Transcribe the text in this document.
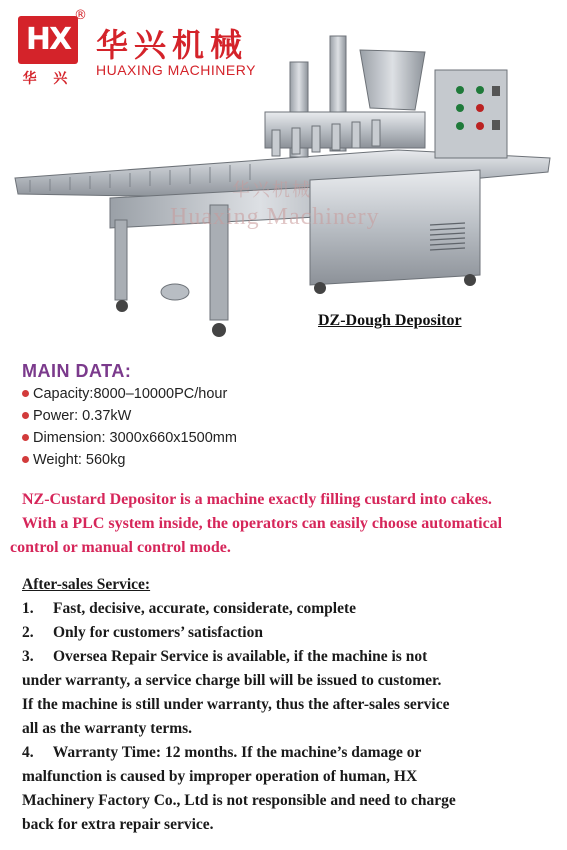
HX
®
华 兴
华兴机械
HUAXING MACHINERY
华兴机械
Huaxing Machinery
DZ-Dough Depositor
MAIN DATA:
Capacity:8000–10000PC/hour
Power: 0.37kW
Dimension: 3000x660x1500mm
Weight: 560kg
NZ-Custard Depositor is a machine exactly filling custard into cakes.
With a PLC system inside, the operators can easily choose automatical
control or manual control mode.
After-sales Service:
1.     Fast, decisive, accurate, considerate, complete
2.     Only for customers’ satisfaction
3.     Oversea Repair Service is available, if the machine is not
under warranty, a service charge bill will be issued to customer.
If the machine is still under warranty, thus the after-sales service
all as the warranty terms.
4.     Warranty Time: 12 months. If the machine’s damage or
malfunction is caused by improper operation of human, HX
Machinery Factory Co., Ltd is not responsible and need to charge
back for extra repair service.
